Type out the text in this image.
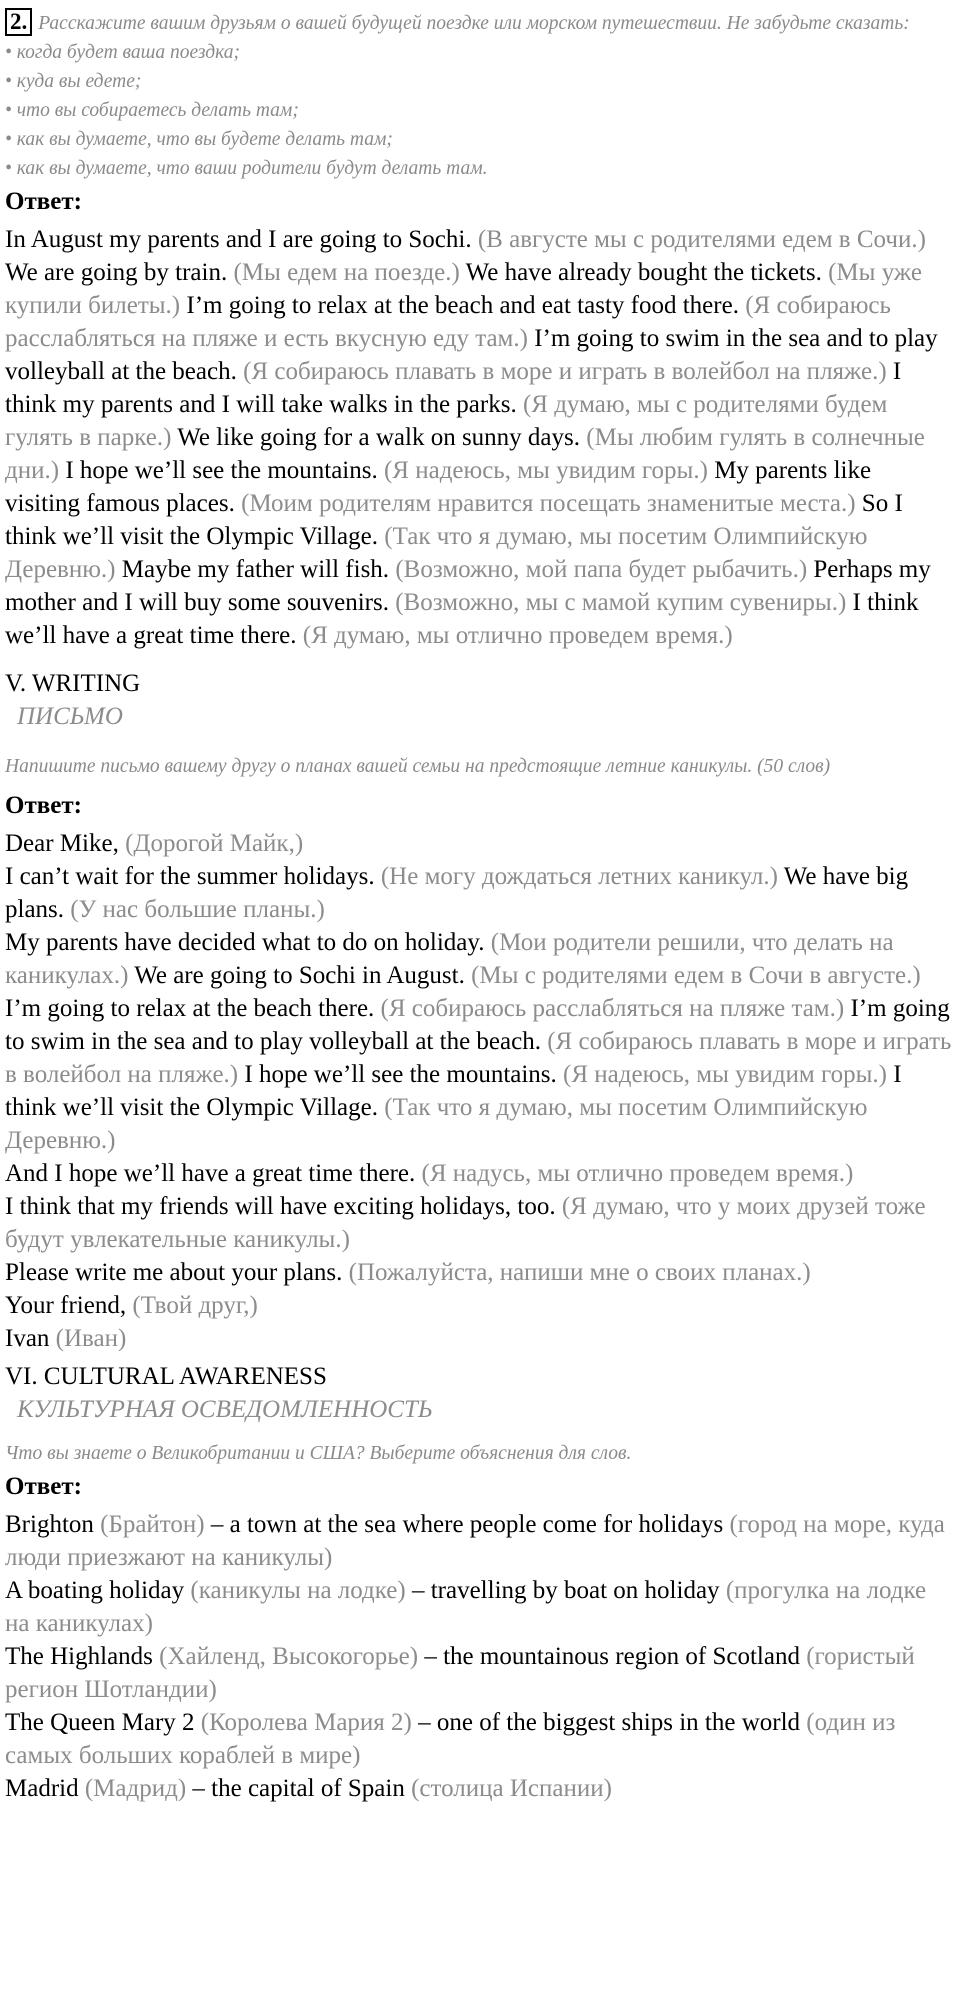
2. Расскажите вашим друзьям о вашей будущей поездке или морском путешествии. Не забудьте сказать:
• когда будет ваша поездка;
• куда вы едете;
• что вы собираетесь делать там;
• как вы думаете, что вы будете делать там;
• как вы думаете, что ваши родители будут делать там.

Ответ:

In August my parents and I are going to Sochi. (В августе мы с родителями едем в Сочи.) We are going by train. (Мы едем на поезде.) We have already bought the tickets. (Мы уже купили билеты.) I’m going to relax at the beach and eat tasty food there. (Я собираюсь расслабляться на пляже и есть вкусную еду там.) I’m going to swim in the sea and to play volleyball at the beach. (Я собираюсь плавать в море и играть в волейбол на пляже.) I think my parents and I will take walks in the parks. (Я думаю, мы с родителями будем гулять в парке.) We like going for a walk on sunny days. (Мы любим гулять в солнечные дни.) I hope we’ll see the mountains. (Я надеюсь, мы увидим горы.) My parents like visiting famous places. (Моим родителям нравится посещать знаменитые места.) So I think we’ll visit the Olympic Village. (Так что я думаю, мы посетим Олимпийскую Деревню.) Maybe my father will fish. (Возможно, мой папа будет рыбачить.) Perhaps my mother and I will buy some souvenirs. (Возможно, мы с мамой купим сувениры.) I think we’ll have a great time there. (Я думаю, мы отлично проведем время.)

V. WRITING
ПИСЬМО

Напишите письмо вашему другу о планах вашей семьи на предстоящие летние каникулы. (50 слов)

Ответ:
Dear Mike, (Дорогой Майк,)
I can’t wait for the summer holidays. (Не могу дождаться летних каникул.) We have big plans. (У нас большие планы.)
My parents have decided what to do on holiday. (Мои родители решили, что делать на каникулах.) We are going to Sochi in August. (Мы с родителями едем в Сочи в августе.) I’m going to relax at the beach there. (Я собираюсь расслабляться на пляже там.) I’m going to swim in the sea and to play volleyball at the beach. (Я собираюсь плавать в море и играть в волейбол на пляже.) I hope we’ll see the mountains. (Я надеюсь, мы увидим горы.) I think we’ll visit the Olympic Village. (Так что я думаю, мы посетим Олимпийскую Деревню.)
And I hope we’ll have a great time there. (Я надусь, мы отлично проведем время.)
I think that my friends will have exciting holidays, too. (Я думаю, что у моих друзей тоже будут увлекательные каникулы.)
Please write me about your plans. (Пожалуйста, напиши мне о своих планах.)
Your friend, (Твой друг,)
Ivan (Иван)
VI. CULTURAL AWARENESS
КУЛЬТУРНАЯ ОСВЕДОМЛЕННОСТЬ

Что вы знаете о Великобритании и США? Выберите объяснения для слов.

Ответ:
Brighton (Брайтон) – a town at the sea where people come for holidays (город на море, куда люди приезжают на каникулы)
A boating holiday (каникулы на лодке) – travelling by boat on holiday (прогулка на лодке на каникулах)
The Highlands (Хайленд, Высокогорье) – the mountainous region of Scotland (гористый регион Шотландии)
The Queen Mary 2 (Королева Мария 2) – one of the biggest ships in the world (один из самых больших кораблей в мире)
Madrid (Мадрид) – the capital of Spain (столица Испании)
